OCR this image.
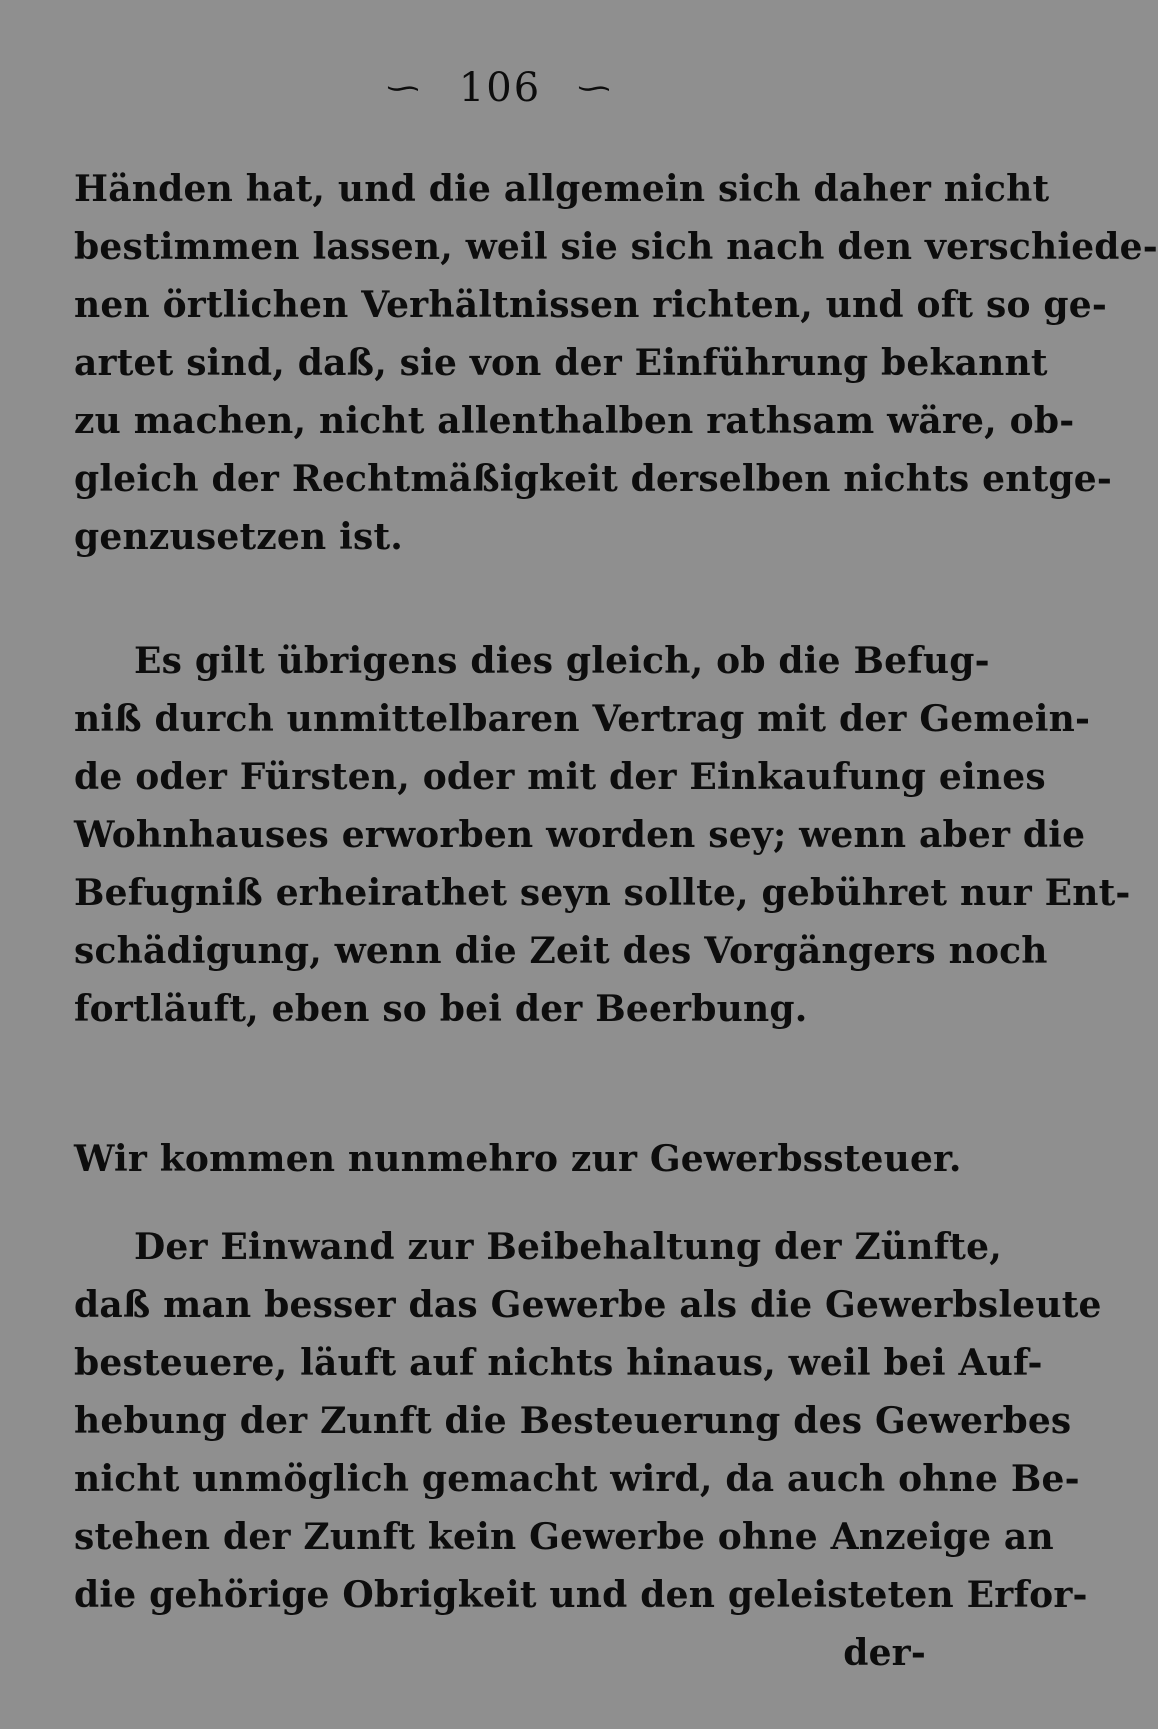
∽ 106 ∽
Händen hat, und die allgemein sich daher nicht
bestimmen lassen, weil sie sich nach den verschiede-
nen örtlichen Verhältnissen richten, und oft so ge-
artet sind, daß, sie von der Einführung bekannt
zu machen, nicht allenthalben rathsam wäre, ob-
gleich der Rechtmäßigkeit derselben nichts entge-
genzusetzen ist.
Es gilt übrigens dies gleich, ob die Befug-
niß durch unmittelbaren Vertrag mit der Gemein-
de oder Fürsten, oder mit der Einkaufung eines
Wohnhauses erworben worden sey; wenn aber die
Befugniß erheirathet seyn sollte, gebühret nur Ent-
schädigung, wenn die Zeit des Vorgängers noch
fortläuft, eben so bei der Beerbung.
Wir kommen nunmehro zur Gewerbssteuer.
Der Einwand zur Beibehaltung der Zünfte,
daß man besser das Gewerbe als die Gewerbsleute
besteuere, läuft auf nichts hinaus, weil bei Auf-
hebung der Zunft die Besteuerung des Gewerbes
nicht unmöglich gemacht wird, da auch ohne Be-
stehen der Zunft kein Gewerbe ohne Anzeige an
die gehörige Obrigkeit und den geleisteten Erfor-
der-
